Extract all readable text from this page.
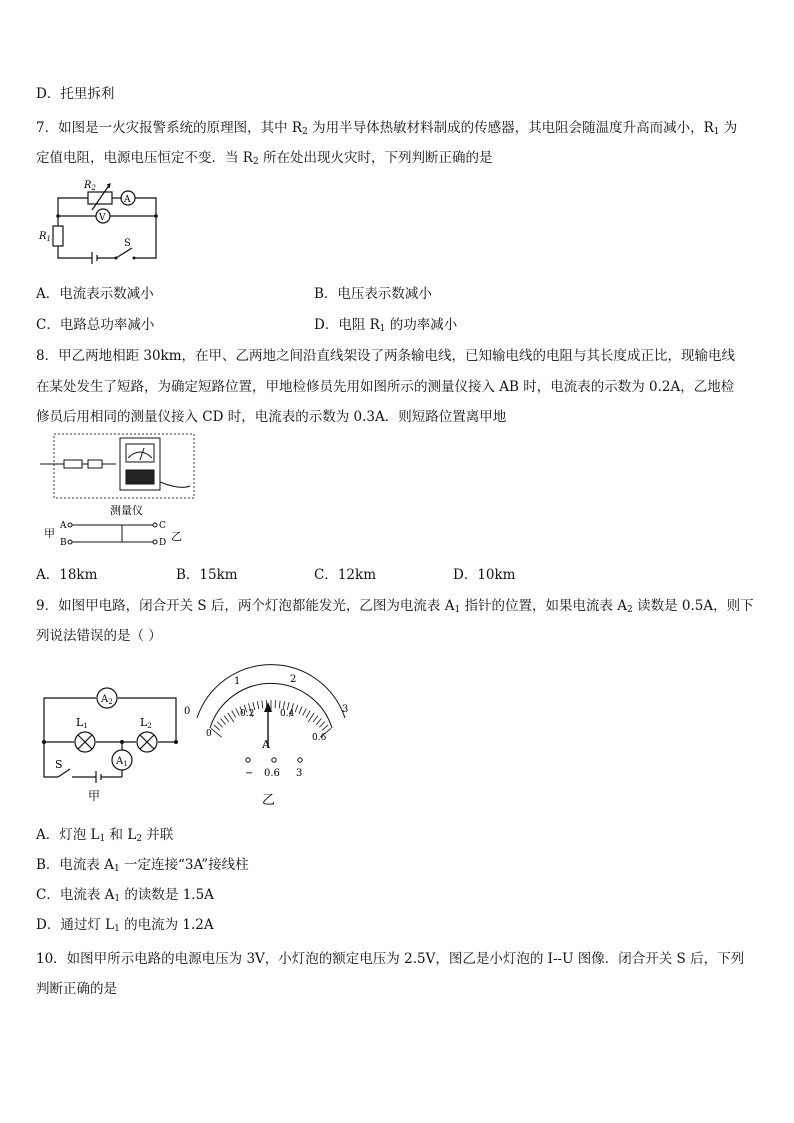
D．托里拆利
7．如图是一火灾报警系统的原理图，其中 $R_2$ 为用半导体热敏材料制成的传感器，其电阻会随温度升高而减小，$R_1$ 为
定值电阻，电源电压恒定不变．当 $R_2$ 所在处出现火灾时，下列判断正确的是
$R_2$
A
V
$R_1$	S
A．电流表示数减小	B．电压表示数减小
C．电路总功率减小	D．电阻 $R_1$ 的功率减小
8．甲乙两地相距 30km，在甲、乙两地之间沿直线架设了两条输电线，已知输电线的电阻与其长度成正比，现输电线
在某处发生了短路，为确定短路位置，甲地检修员先用如图所示的测量仪接入 AB 时，电流表的示数为 0.2A，乙地检
修员后用相同的测量仪接入 CD 时，电流表的示数为 0.3A．则短路位置离甲地
测量仪
甲
A
B
C
D 乙
A．18km	B．15km	C．12km	D．10km
9．如图甲电路，闭合开关 S 后，两个灯泡都能发光，乙图为电流表 $A_1$ 指针的位置，如果电流表 $A_2$ 读数是 0.5A，则下
列说法错误的是（ ）
$A_2$
L1	L2
$A_1$
S
甲
0
1	2
3
0
0.2	0.4
0.6
A
− 0.6 3
乙
A．灯泡 $L_1$ 和 $L_2$ 并联
B．电流表 $A_1$ 一定连接“3A”接线柱
C．电流表 $A_1$ 的读数是 1.5A
D．通过灯 $L_1$ 的电流为 1.2A
10．如图甲所示电路的电源电压为 3V，小灯泡的额定电压为 2.5V，图乙是小灯泡的 I--U 图像．闭合开关 S 后，下列
判断正确的是
